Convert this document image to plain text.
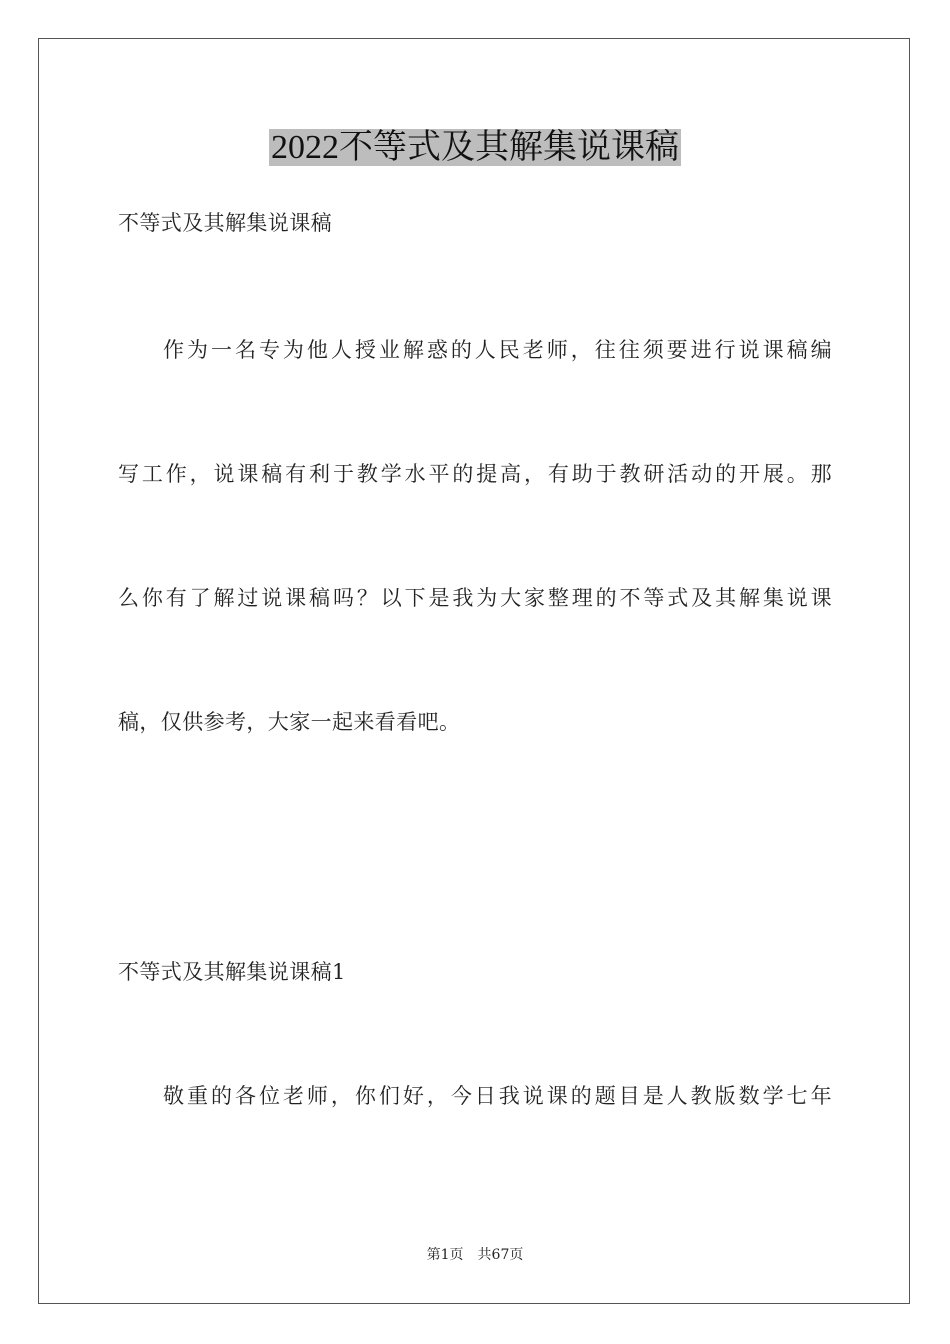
2022不等式及其解集说课稿
不等式及其解集说课稿
作为一名专为他人授业解惑的人民老师，往往须要进行说课稿编
写工作，说课稿有利于教学水平的提高，有助于教研活动的开展。那
么你有了解过说课稿吗？以下是我为大家整理的不等式及其解集说课
稿，仅供参考，大家一起来看看吧。
不等式及其解集说课稿1
敬重的各位老师，你们好，今日我说课的题目是人教版数学七年
第1页 共67页
